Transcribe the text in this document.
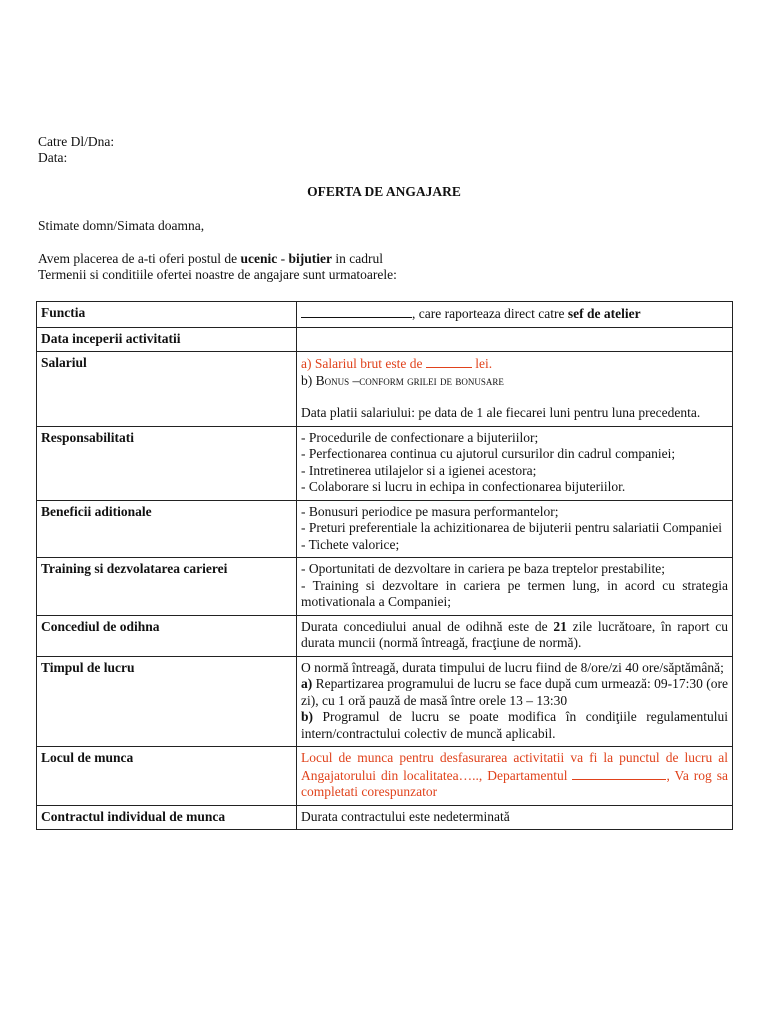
Catre Dl/Dna:

Data:

OFERTA DE ANGAJARE

Stimate domn/Simata doamna,

Avem placerea de a-ti oferi postul de ucenic - bijutier in cadrul

Termenii si conditiile ofertei noastre de angajare sunt urmatoarele:

Functia	, care raporteaza direct catre sef de atelier
Data inceperii activitatii	
Salariul	a) Salariul brut este de lei.
b) Bonus –conform grilei de bonusare
Data platii salariului: pe data de 1 ale fiecarei luni pentru luna precedenta.

Responsabilitati	- Procedurile de confectionare a bijuteriilor;
- Perfectionarea continua cu ajutorul cursurilor din cadrul companiei;
- Intretinerea utilajelor si a igienei acestora;
- Colaborare si lucru in echipa in confectionarea bijuteriilor.

Beneficii aditionale	- Bonusuri periodice pe masura performantelor;
- Preturi preferentiale la achizitionarea de bijuterii pentru salariatii Companiei
- Tichete valorice;

Training si dezvolatarea carierei	- Oportunitati de dezvoltare in cariera pe baza treptelor prestabilite;
- Training si dezvoltare in cariera pe termen lung, in acord cu strategia motivationala a Companiei;

Concediul de odihna	Durata concediului anual de odihnă este de 21 zile lucrătoare, în raport cu durata muncii (normă întreagă, fracţiune de normă).
Timpul de lucru	O normă întreagă, durata timpului de lucru fiind de 8/ore/zi 40 ore/săptămână;
a) Repartizarea programului de lucru se face după cum urmează: 09-17:30 (ore zi), cu 1 oră pauză de masă între orele 13 – 13:30
b) Programul de lucru se poate modifica în condiţiile regulamentului intern/contractului colectiv de muncă aplicabil.

Locul de munca	Locul de munca pentru desfasurarea activitatii va fi la punctul de lucru al Angajatorului din localitatea….., Departamentul , Va rog sa completati corespunzator
Contractul individual de munca	Durata contractului este nedeterminată
